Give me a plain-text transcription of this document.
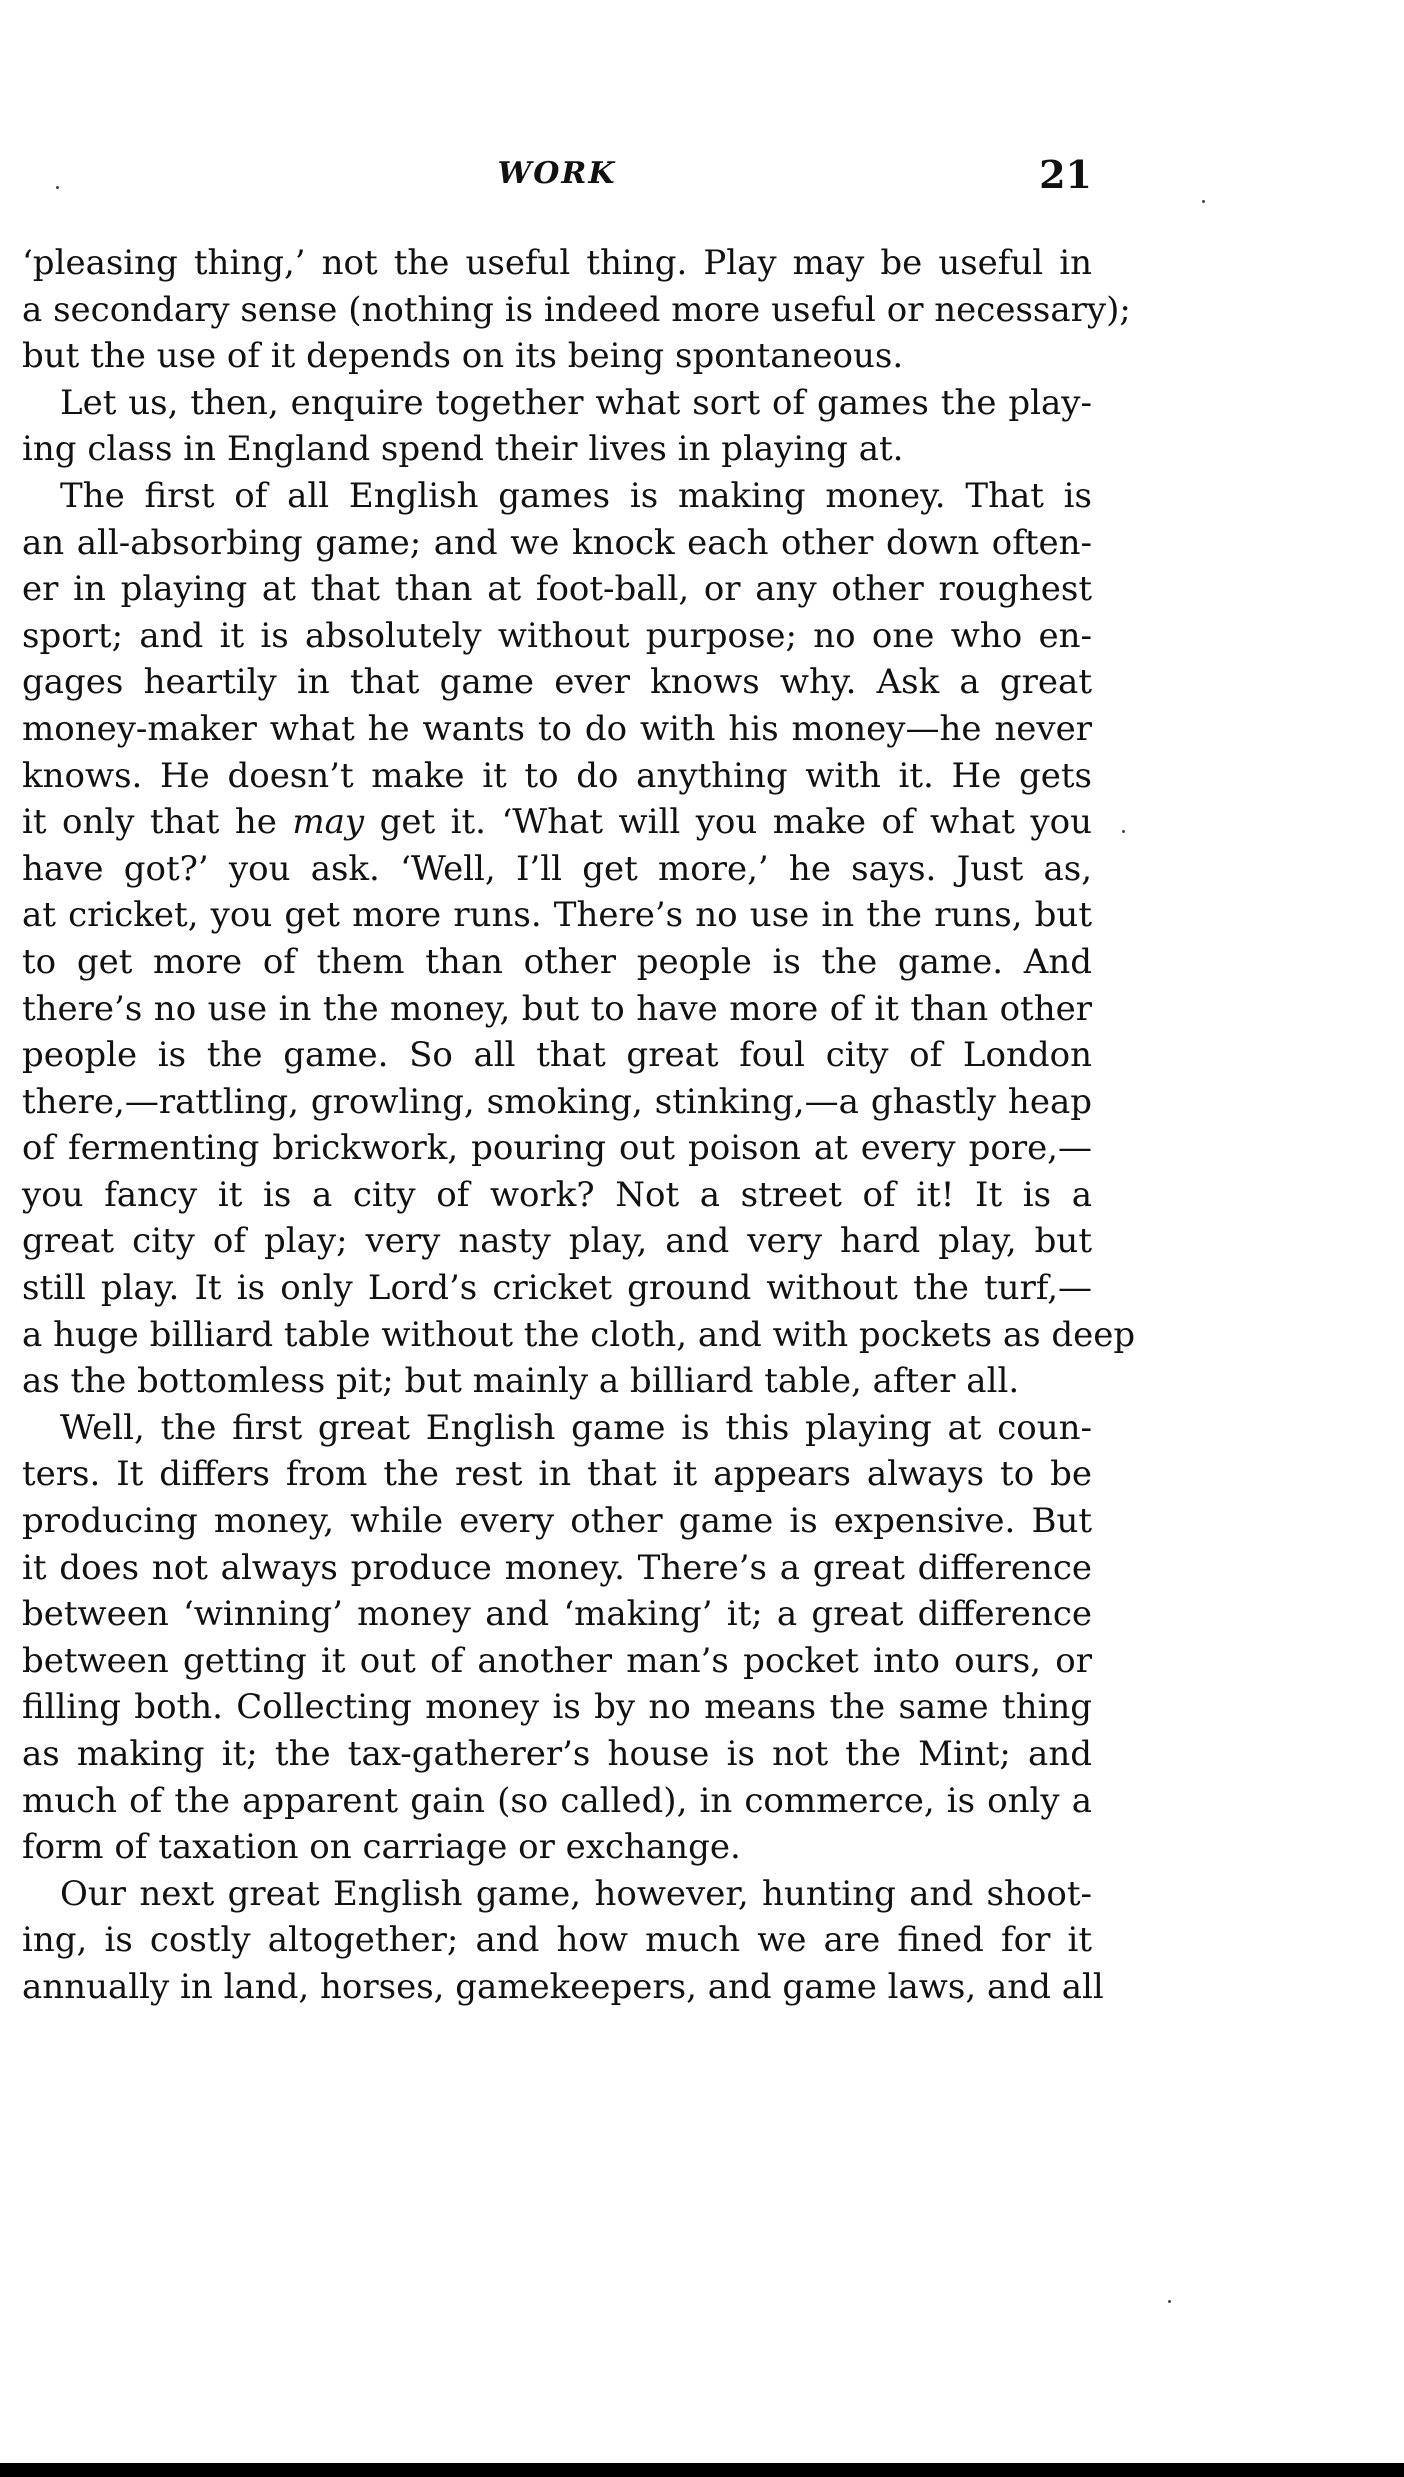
WORK	21
‘pleasing thing,’ not the useful thing. Play may be useful in
a secondary sense (nothing is indeed more useful or necessary);
but the use of it depends on its being spontaneous.
Let us, then, enquire together what sort of games the play-
ing class in England spend their lives in playing at.
The first of all English games is making money. That is
an all-absorbing game; and we knock each other down often-
er in playing at that than at foot-ball, or any other roughest
sport; and it is absolutely without purpose; no one who en-
gages heartily in that game ever knows why. Ask a great
money-maker what he wants to do with his money—he never
knows. He doesn’t make it to do anything with it. He gets
it only that he may get it. ‘What will you make of what you
have got?’ you ask. ‘Well, I’ll get more,’ he says. Just as,
at cricket, you get more runs. There’s no use in the runs, but
to get more of them than other people is the game. And
there’s no use in the money, but to have more of it than other
people is the game. So all that great foul city of London
there,—rattling, growling, smoking, stinking,—a ghastly heap
of fermenting brickwork, pouring out poison at every pore,—
you fancy it is a city of work? Not a street of it! It is a
great city of play; very nasty play, and very hard play, but
still play. It is only Lord’s cricket ground without the turf,—
a huge billiard table without the cloth, and with pockets as deep
as the bottomless pit; but mainly a billiard table, after all.
Well, the first great English game is this playing at coun-
ters. It differs from the rest in that it appears always to be
producing money, while every other game is expensive. But
it does not always produce money. There’s a great difference
between ‘winning’ money and ‘making’ it; a great difference
between getting it out of another man’s pocket into ours, or
filling both. Collecting money is by no means the same thing
as making it; the tax-gatherer’s house is not the Mint; and
much of the apparent gain (so called), in commerce, is only a
form of taxation on carriage or exchange.
Our next great English game, however, hunting and shoot-
ing, is costly altogether; and how much we are fined for it
annually in land, horses, gamekeepers, and game laws, and all
